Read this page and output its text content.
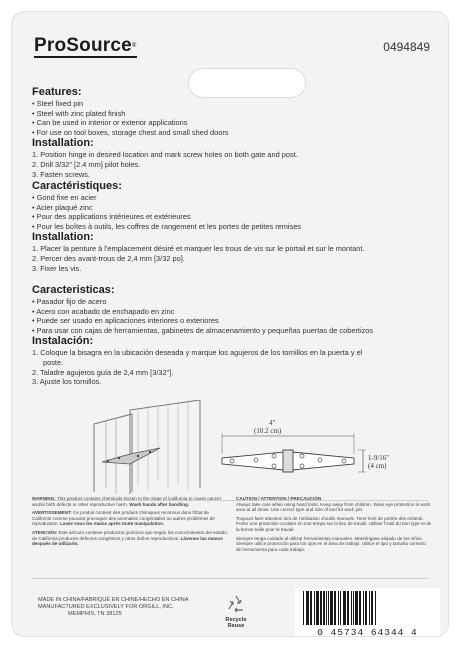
ProSource®	0494849
Features:
• Steel fixed pin
• Steel with zinc plated finish
• Can be used in interior or exterior applications
• For use on tool boxes, storage chest and small shed doors
Installation:
1. Position hinge in desired location and mark screw holes on both gate and post.
2. Drill 3/32" [2.4 mm] pilot holes.
3. Fasten screws.
Caractéristiques:
• Gond fixe en acier
• Acier plaqué zinc
• Pour des applications intérieures et extérieures
• Pour les boîtes à outils, les coffres de rangement et les portes de petites remises
Installation:
1. Placer la penture à l'emplacement désiré et marquer les trous de vis sur le portail et sur le montant.
2. Percer des avant-trous de 2,4 mm [3/32 po].
3. Fixer les vis.
Caracteristicas:
• Pasador fijo de acero
• Acero con acabado de enchapado en zinc
• Puede ser usado en aplicaciones interiores o exteriores
• Para usar con cajas de herramientas, gabinetes de almacenamiento y pequeñas puertas de cobertizos
Instalación:
1. Coloque la bisagra en la ubicación deseada y marque los agujeros de los tornillos en la puerta y el poste.
2. Taladre agujeros guía de 2,4 mm [3/32"].
3. Ajuste los tornillos.
4"
(10.2 cm)
1-9/16"
(4 cm)
WARNING: This product contains chemicals known to the State of California to cause cancer and/or birth defects or other reproductive harm. Wash hands after handling.
AVERTISSEMENT: Ce produit contient des produits chimiques reconnus dans l'État de Californie comme pouvant provoquer des anomalies congénitales ou autres problèmes de reproduction. Lavez vous les mains après toute manipulation.
ATENCIÓN: Este artículo contiene productos químicos que según los conocimientos del estado de California producen defectos congénitos y otros daños reproductivos. Lávense las manos después de utilizarlo.
CAUTION / ATTENTION / PRECAUCIÓN
Always take care when using hand tools. Keep away from children. Wear eye protection in work area at all times. Use correct type and size of tool for each job.
Toujours faire attention lors de l'utilisation d'outils manuels. Tenir hors de portée des enfants. Porter une protection oculaire en tout temps sur le lieu de travail. Utiliser l'outil du bon type et de la bonne taille pour le travail.
Siempre tenga cuidado al utilizar herramientas manuales. Manténgase alejado de los niños. Siempre utilice protección para los ojos en el área de trabajo. Utilice el tipo y tamaño correcto de herramienta para cada trabajo.
MADE IN CHINA/FABRIQUÉ EN CHINE/HECHO EN CHINA
MANUFACTURED EXCLUSIVELY FOR ORGILL, INC.
MEMPHIS, TN 38125
Recycle
Reuse
0 45734 64344 4
